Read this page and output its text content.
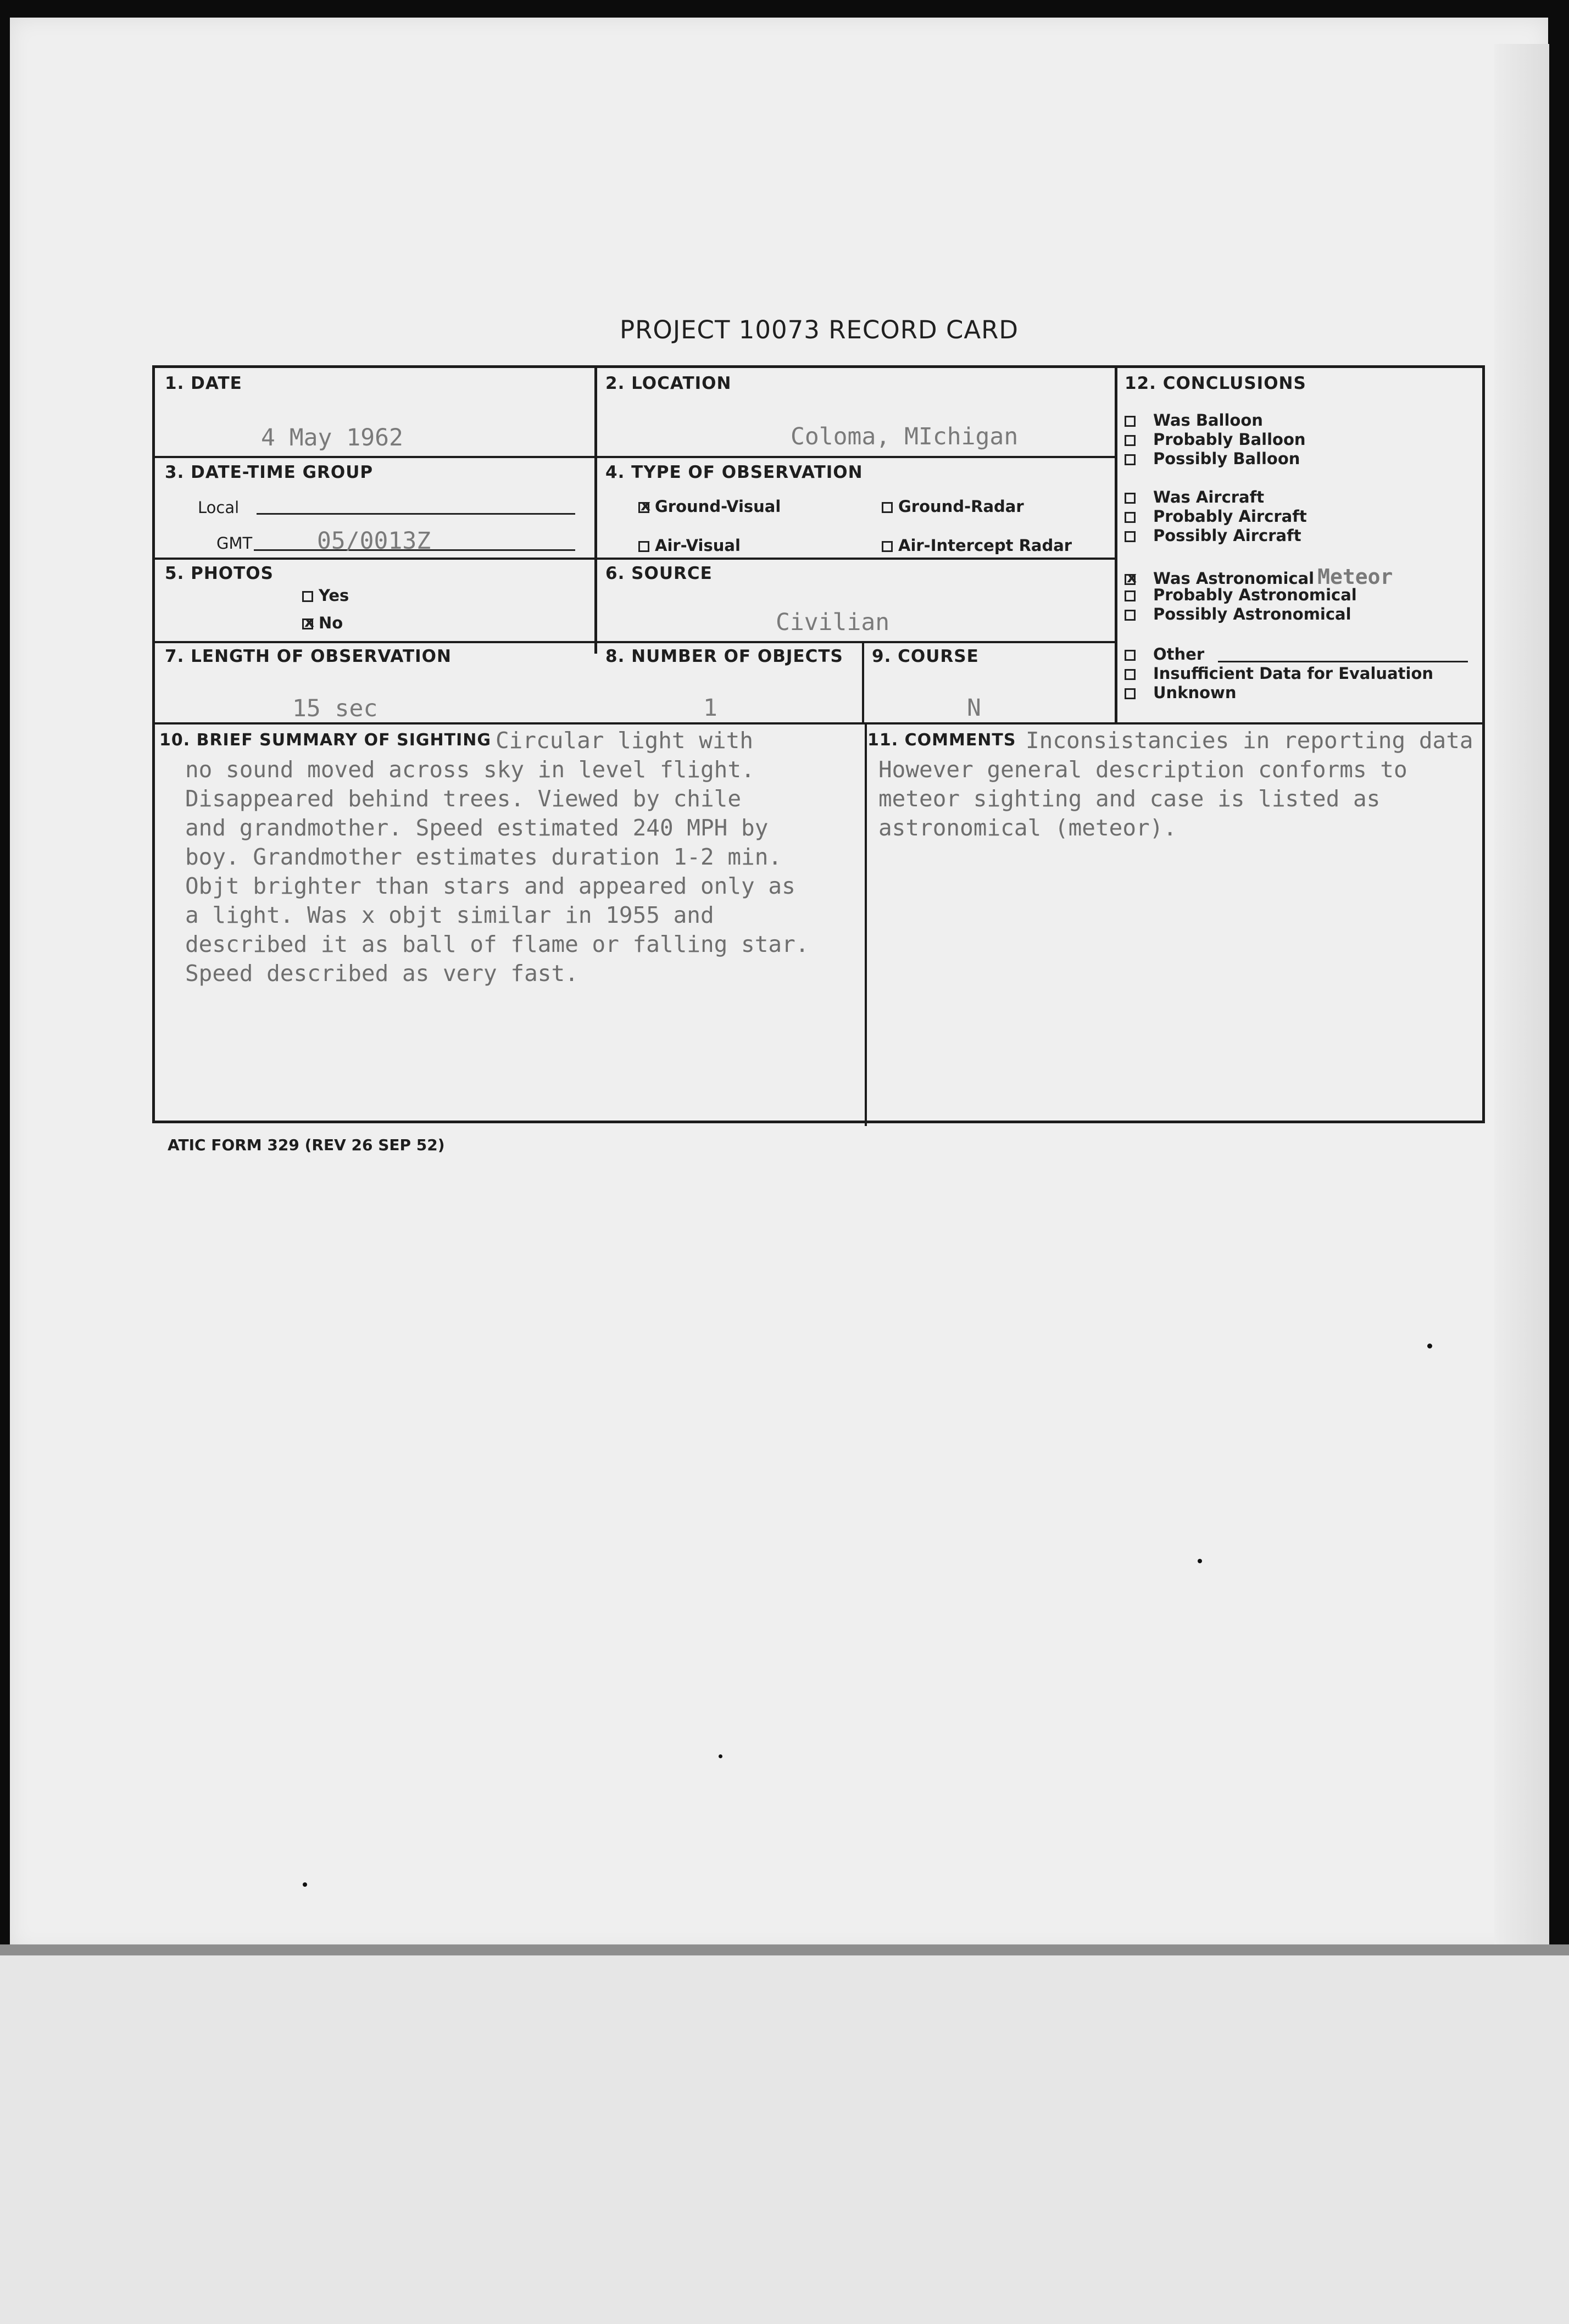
PROJECT 10073 RECORD CARD
1. DATE
4 May 1962
2. LOCATION
Coloma, MIchigan
3. DATE-TIME GROUP
Local
GMT	05/0013Z
4. TYPE OF OBSERVATION
xGround-Visual	Ground-Radar
Air-Visual	Air-Intercept Radar
5. PHOTOS
Yes
xNo
6. SOURCE
Civilian
7. LENGTH OF OBSERVATION
15 sec
8. NUMBER OF OBJECTS
1
9. COURSE
N
12. CONCLUSIONS
Was Balloon
Probably Balloon
Possibly Balloon
Was Aircraft
Probably Aircraft
Possibly Aircraft
xWas Astronomical Meteor
Probably Astronomical
Possibly Astronomical
Other
Insufficient Data for Evaluation
Unknown
10. BRIEF SUMMARY OF SIGHTING Circular light with
no sound moved across sky in level flight.
Disappeared behind trees. Viewed by chile
and grandmother. Speed estimated 240 MPH by
boy. Grandmother estimates duration 1-2 min.
Objt brighter than stars and appeared only as
a light. Was x objt similar in 1955 and
described it as ball of flame or falling star.
Speed described as very fast.
11. COMMENTS Inconsistancies in reporting data
However general description conforms to
meteor sighting and case is listed as
astronomical (meteor).
ATIC FORM 329 (REV 26 SEP 52)
